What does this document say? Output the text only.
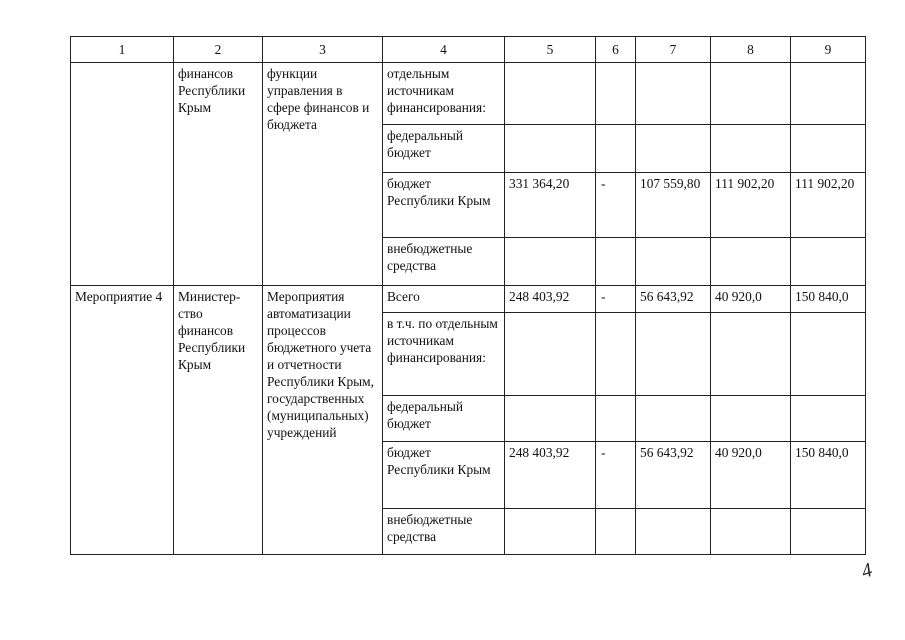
1	2	3	4	5	6	7	8	9
	финансов Республики Крым	функции управления в сфере финансов и бюджета	отдельным источникам финансирования:					
			федеральный бюджет					
			бюджет Республики Крым	331 364,20	-	107 559,80	111 902,20	111 902,20
			внебюджетные средства					
Мероприятие 4	Министер-ство финансов Республики Крым	Мероприятия автоматизации процессов бюджетного учета и отчетности Республики Крым, государственных (муниципальных) учреждений	Всего	248 403,92	-	56 643,92	40 920,0	150 840,0
			в т.ч. по отдельным источникам финансирования:					
			федеральный бюджет					
			бюджет Республики Крым	248 403,92	-	56 643,92	40 920,0	150 840,0
			внебюджетные средства					
4
